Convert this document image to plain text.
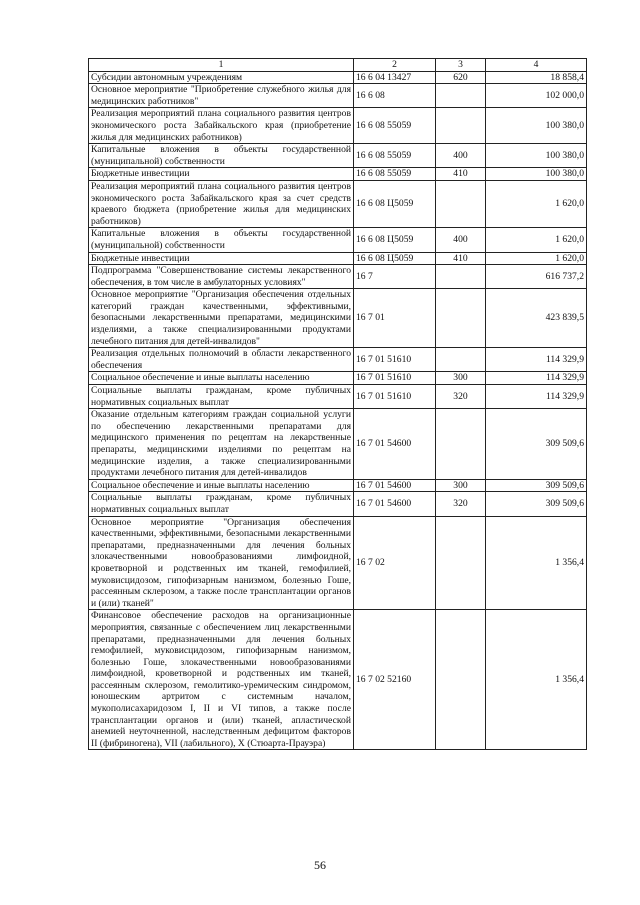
1	2	3	4
Субсидии автономным учреждениям	16 6 04 13427	620	18 858,4
Основное мероприятие "Приобретение служебного жилья для медицинских работников"	16 6 08		102 000,0
Реализация мероприятий плана социального развития центров экономического роста Забайкальского края (приобретение жилья для медицинских работников)	16 6 08 55059		100 380,0
Капитальные вложения в объекты государственной (муниципальной) собственности	16 6 08 55059	400	100 380,0
Бюджетные инвестиции	16 6 08 55059	410	100 380,0
Реализация мероприятий плана социального развития центров экономического роста Забайкальского края за счет средств краевого бюджета (приобретение жилья для медицинских работников)	16 6 08 Ц5059		1 620,0
Капитальные вложения в объекты государственной (муниципальной) собственности	16 6 08 Ц5059	400	1 620,0
Бюджетные инвестиции	16 6 08 Ц5059	410	1 620,0
Подпрограмма "Совершенствование системы лекарственного обеспечения, в том числе в амбулаторных условиях"	16 7		616 737,2
Основное мероприятие "Организация обеспечения отдельных категорий граждан качественными, эффективными, безопасными лекарственными препаратами, медицинскими изделиями, а также специализированными продуктами лечебного питания для детей-инвалидов"	16 7 01		423 839,5
Реализация отдельных полномочий в области лекарственного обеспечения	16 7 01 51610		114 329,9
Социальное обеспечение и иные выплаты населению	16 7 01 51610	300	114 329,9
Социальные выплаты гражданам, кроме публичных нормативных социальных выплат	16 7 01 51610	320	114 329,9
Оказание отдельным категориям граждан социальной услуги по обеспечению лекарственными препаратами для медицинского применения по рецептам на лекарственные препараты, медицинскими изделиями по рецептам на медицинские изделия, а также специализированными продуктами лечебного питания для детей-инвалидов	16 7 01 54600		309 509,6
Социальное обеспечение и иные выплаты населению	16 7 01 54600	300	309 509,6
Социальные выплаты гражданам, кроме публичных нормативных социальных выплат	16 7 01 54600	320	309 509,6
Основное мероприятие "Организация обеспечения качественными, эффективными, безопасными лекарственными препаратами, предназначенными для лечения больных злокачественными новообразованиями лимфоидной, кроветворной и родственных им тканей, гемофилией, муковисцидозом, гипофизарным нанизмом, болезнью Гоше, рассеянным склерозом, а также после трансплантации органов и (или) тканей"	16 7 02		1 356,4
Финансовое обеспечение расходов на организационные мероприятия, связанные с обеспечением лиц лекарственными препаратами, предназначенными для лечения больных гемофилией, муковисцидозом, гипофизарным нанизмом, болезнью Гоше, злокачественными новообразованиями лимфоидной, кроветворной и родственных им тканей, рассеянным склерозом, гемолитико-уремическим синдромом, юношеским артритом с системным началом, мукополисахаридозом I, II и VI типов, а также после трансплантации органов и (или) тканей, апластической анемией неуточненной, наследственным дефицитом факторов II (фибриногена), VII (лабильного), X (Стюарта-Прауэра)	16 7 02 52160		1 356,4
56
